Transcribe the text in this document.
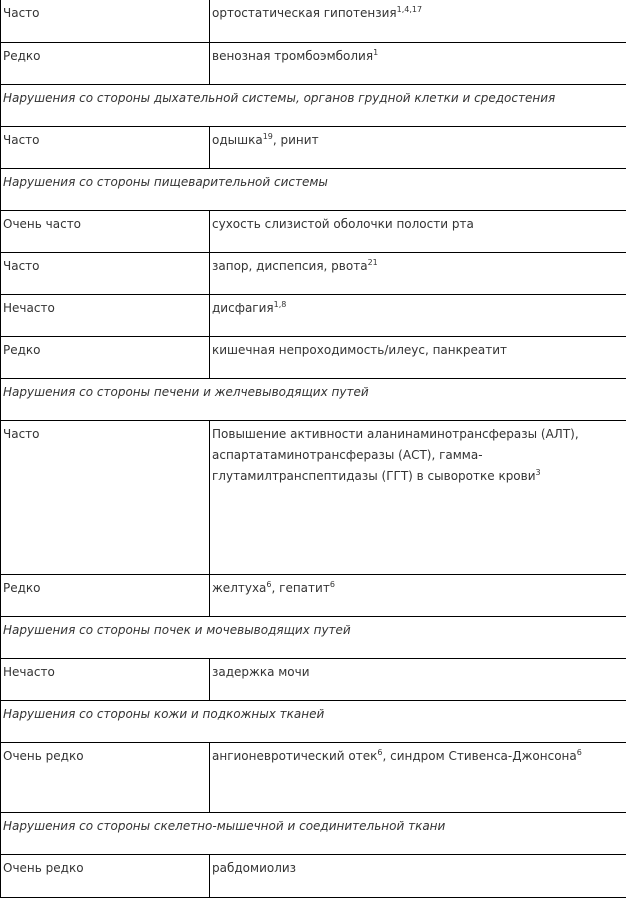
Часто	ортостатическая гипотензия$^{1,4,17}$
Редко	венозная тромбоэмболия$^1$
Нарушения со стороны дыхательной системы, органов грудной клетки и средостения	
Часто	одышка$^{19}$, ринит
Нарушения со стороны пищеварительной системы	
Очень часто	сухость слизистой оболочки полости рта
Часто	запор, диспепсия, рвота$^{21}$
Нечасто	дисфагия$^{1,8}$
Редко	кишечная непроходимость/илеус, панкреатит
Нарушения со стороны печени и желчевыводящих путей	
Часто	Повышение активности аланинаминотрансферазы (АЛТ), аспартатаминотрансферазы (АСТ), гамма-глутамилтранспептидазы (ГГТ) в сыворотке крови$^3$
Редко	желтуха$^6$, гепатит$^6$
Нарушения со стороны почек и мочевыводящих путей	
Нечасто	задержка мочи
Нарушения со стороны кожи и подкожных тканей	
Очень редко	ангионевротический отек$^6$, синдром Стивенса-Джонсона$^6$
Нарушения со стороны скелетно-мышечной и соединительной ткани	
Очень редко	рабдомиолиз
